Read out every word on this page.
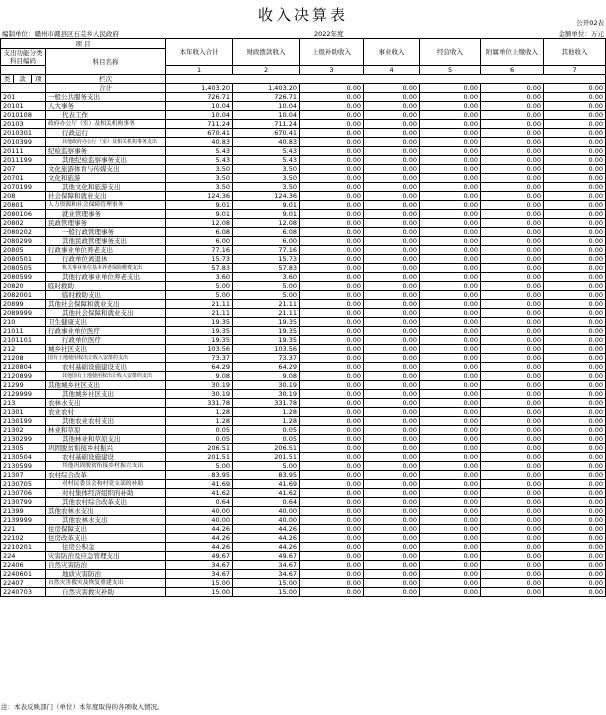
收入决算表	公开02表
编制单位：赣州市赣县区石芫乡人民政府	2022年度	金额单位：万元
项 目				本年收入合计	财政拨款收入	上级补助收入	事业收入	经营收入	附属单位上缴收入	其他收入
支出功能分类科目编码			科目名称							

				1	2	3	4	5	6	7
类	款	项	栏次							
			合计	1,403.20	1,403.20	0.00	0.00	0.00	0.00	0.00
201			一般公共服务支出	726.71	726.71	0.00	0.00	0.00	0.00	0.00
20101			人大事务	10.04	10.04	0.00	0.00	0.00	0.00	0.00
2010108			代表工作	10.04	10.04	0.00	0.00	0.00	0.00	0.00
20103			政府办公厅（室）及相关机构事务	711.24	711.24	0.00	0.00	0.00	0.00	0.00
2010301			行政运行	670.41	670.41	0.00	0.00	0.00	0.00	0.00
2010399			其他政府办公厅（室）及相关机构事务支出	40.83	40.83	0.00	0.00	0.00	0.00	0.00
20111			纪检监察事务	5.43	5.43	0.00	0.00	0.00	0.00	0.00
2011199			其他纪检监察事务支出	5.43	5.43	0.00	0.00	0.00	0.00	0.00
207			文化旅游体育与传媒支出	3.50	3.50	0.00	0.00	0.00	0.00	0.00
20701			文化和旅游	3.50	3.50	0.00	0.00	0.00	0.00	0.00
2070199			其他文化和旅游支出	3.50	3.50	0.00	0.00	0.00	0.00	0.00
208			社会保障和就业支出	124.36	124.36	0.00	0.00	0.00	0.00	0.00
20801			人力资源和社会保障管理事务	9.01	9.01	0.00	0.00	0.00	0.00	0.00
2080106			就业管理事务	9.01	9.01	0.00	0.00	0.00	0.00	0.00
20802			民政管理事务	12.08	12.08	0.00	0.00	0.00	0.00	0.00
2080202			一般行政管理事务	6.08	6.08	0.00	0.00	0.00	0.00	0.00
2080299			其他民政管理事务支出	6.00	6.00	0.00	0.00	0.00	0.00	0.00
20805			行政事业单位养老支出	77.16	77.16	0.00	0.00	0.00	0.00	0.00
2080501			行政单位离退休	15.73	15.73	0.00	0.00	0.00	0.00	0.00
2080505			机关事业单位基本养老保险缴费支出	57.83	57.83	0.00	0.00	0.00	0.00	0.00
2080599			其他行政事业单位养老支出	3.60	3.60	0.00	0.00	0.00	0.00	0.00
20820			临时救助	5.00	5.00	0.00	0.00	0.00	0.00	0.00
2082001			临时救助支出	5.00	5.00	0.00	0.00	0.00	0.00	0.00
20899			其他社会保障和就业支出	21.11	21.11	0.00	0.00	0.00	0.00	0.00
2089999			其他社会保障和就业支出	21.11	21.11	0.00	0.00	0.00	0.00	0.00
210			卫生健康支出	19.35	19.35	0.00	0.00	0.00	0.00	0.00
21011			行政事业单位医疗	19.35	19.35	0.00	0.00	0.00	0.00	0.00
2101101			行政单位医疗	19.35	19.35	0.00	0.00	0.00	0.00	0.00
212			城乡社区支出	103.56	103.56	0.00	0.00	0.00	0.00	0.00
21208			国有土地使用权出让收入安排的支出	73.37	73.37	0.00	0.00	0.00	0.00	0.00
2120804			农村基础设施建设支出	64.29	64.29	0.00	0.00	0.00	0.00	0.00
2120899			其他国有土地使用权出让收入安排的支出	9.08	9.08	0.00	0.00	0.00	0.00	0.00
21299			其他城乡社区支出	30.19	30.19	0.00	0.00	0.00	0.00	0.00
2129999			其他城乡社区支出	30.19	30.19	0.00	0.00	0.00	0.00	0.00
213			农林水支出	331.78	331.78	0.00	0.00	0.00	0.00	0.00
21301			农业农村	1.28	1.28	0.00	0.00	0.00	0.00	0.00
2130199			其他农业农村支出	1.28	1.28	0.00	0.00	0.00	0.00	0.00
21302			林业和草原	0.05	0.05	0.00	0.00	0.00	0.00	0.00
2130299			其他林业和草原支出	0.05	0.05	0.00	0.00	0.00	0.00	0.00
21305			巩固脱贫衔接乡村振兴	206.51	206.51	0.00	0.00	0.00	0.00	0.00
2130504			农村基础设施建设	201.51	201.51	0.00	0.00	0.00	0.00	0.00
2130599			其他巩固脱贫衔接乡村振兴支出	5.00	5.00	0.00	0.00	0.00	0.00	0.00
21307			农村综合改革	83.95	83.95	0.00	0.00	0.00	0.00	0.00
2130705			对村民委员会和村党支部的补助	41.69	41.69	0.00	0.00	0.00	0.00	0.00
2130706			对村集体经济组织的补助	41.62	41.62	0.00	0.00	0.00	0.00	0.00
2130799			其他农村综合改革支出	0.64	0.64	0.00	0.00	0.00	0.00	0.00
21399			其他农林水支出	40.00	40.00	0.00	0.00	0.00	0.00	0.00
2139999			其他农林水支出	40.00	40.00	0.00	0.00	0.00	0.00	0.00
221			住房保障支出	44.26	44.26	0.00	0.00	0.00	0.00	0.00
22102			住房改革支出	44.26	44.26	0.00	0.00	0.00	0.00	0.00
2210201			住房公积金	44.26	44.26	0.00	0.00	0.00	0.00	0.00
224			灾害防治及应急管理支出	49.67	49.67	0.00	0.00	0.00	0.00	0.00
22406			自然灾害防治	34.67	34.67	0.00	0.00	0.00	0.00	0.00
2240601			地质灾害防治	34.67	34.67	0.00	0.00	0.00	0.00	0.00
22407			自然灾害救灾及恢复重建支出	15.00	15.00	0.00	0.00	0.00	0.00	0.00
2240703			自然灾害救灾补助	15.00	15.00	0.00	0.00	0.00	0.00	0.00
注：本表反映部门（单位）本年度取得的各项收入情况。
